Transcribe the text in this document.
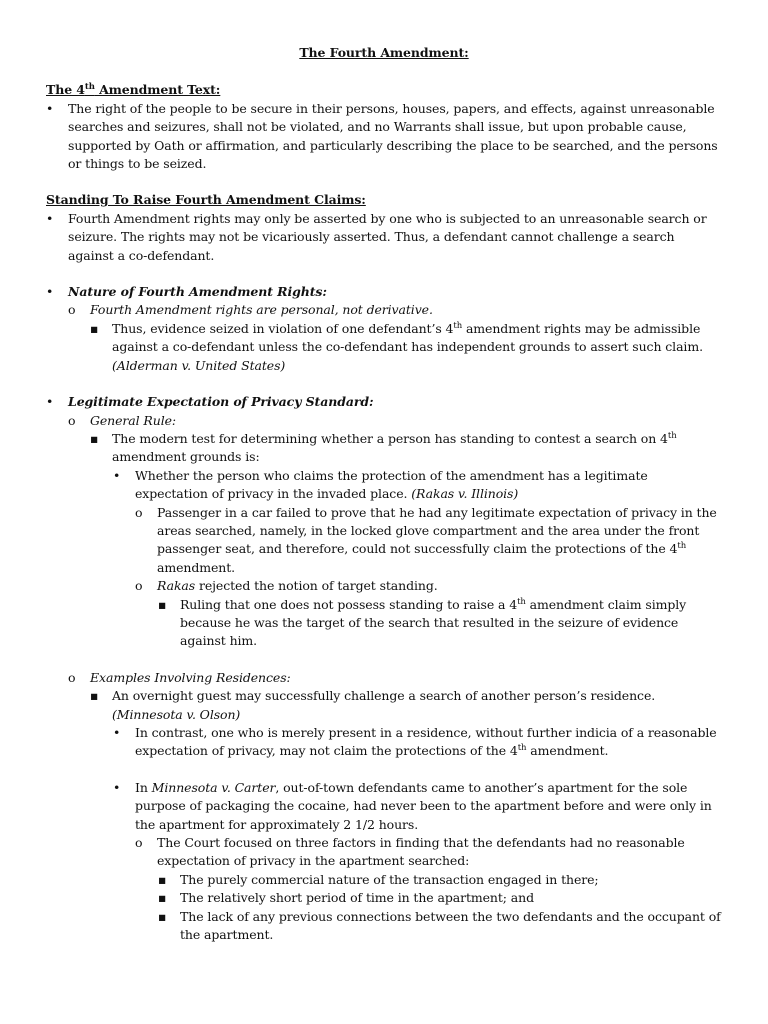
The Fourth Amendment:
The 4th Amendment Text:
•	The right of the people to be secure in their persons, houses, papers, and effects, against unreasonable searches and seizures, shall not be violated, and no Warrants shall issue, but upon probable cause, supported by Oath or affirmation, and particularly describing the place to be searched, and the persons or things to be seized.
Standing To Raise Fourth Amendment Claims:
•	Fourth Amendment rights may only be asserted by one who is subjected to an unreasonable search or seizure. The rights may not be vicariously asserted. Thus, a defendant cannot challenge a search against a co-defendant.
•	Nature of Fourth Amendment Rights:
o	Fourth Amendment rights are personal, not derivative.
▪	Thus, evidence seized in violation of one defendant’s 4th amendment rights may be admissible against a co-defendant unless the co-defendant has independent grounds to assert such claim. (Alderman v. United States)
•	Legitimate Expectation of Privacy Standard:
o	General Rule:
▪	The modern test for determining whether a person has standing to contest a search on 4th amendment grounds is:
•	Whether the person who claims the protection of the amendment has a legitimate expectation of privacy in the invaded place. (Rakas v. Illinois)
o	Passenger in a car failed to prove that he had any legitimate expectation of privacy in the areas searched, namely, in the locked glove compartment and the area under the front passenger seat, and therefore, could not successfully claim the protections of the 4th amendment.
o	Rakas rejected the notion of target standing.
▪	Ruling that one does not possess standing to raise a 4th amendment claim simply because he was the target of the search that resulted in the seizure of evidence against him.
o	Examples Involving Residences:
▪	An overnight guest may successfully challenge a search of another person’s residence. (Minnesota v. Olson)
•	In contrast, one who is merely present in a residence, without further indicia of a reasonable expectation of privacy, may not claim the protections of the 4th amendment.
•	In Minnesota v. Carter, out-of-town defendants came to another’s apartment for the sole purpose of packaging the cocaine, had never been to the apartment before and were only in the apartment for approximately 2 1/2 hours.
o	The Court focused on three factors in finding that the defendants had no reasonable expectation of privacy in the apartment searched:
▪	The purely commercial nature of the transaction engaged in there;
▪	The relatively short period of time in the apartment; and
▪	The lack of any previous connections between the two defendants and the occupant of the apartment.
